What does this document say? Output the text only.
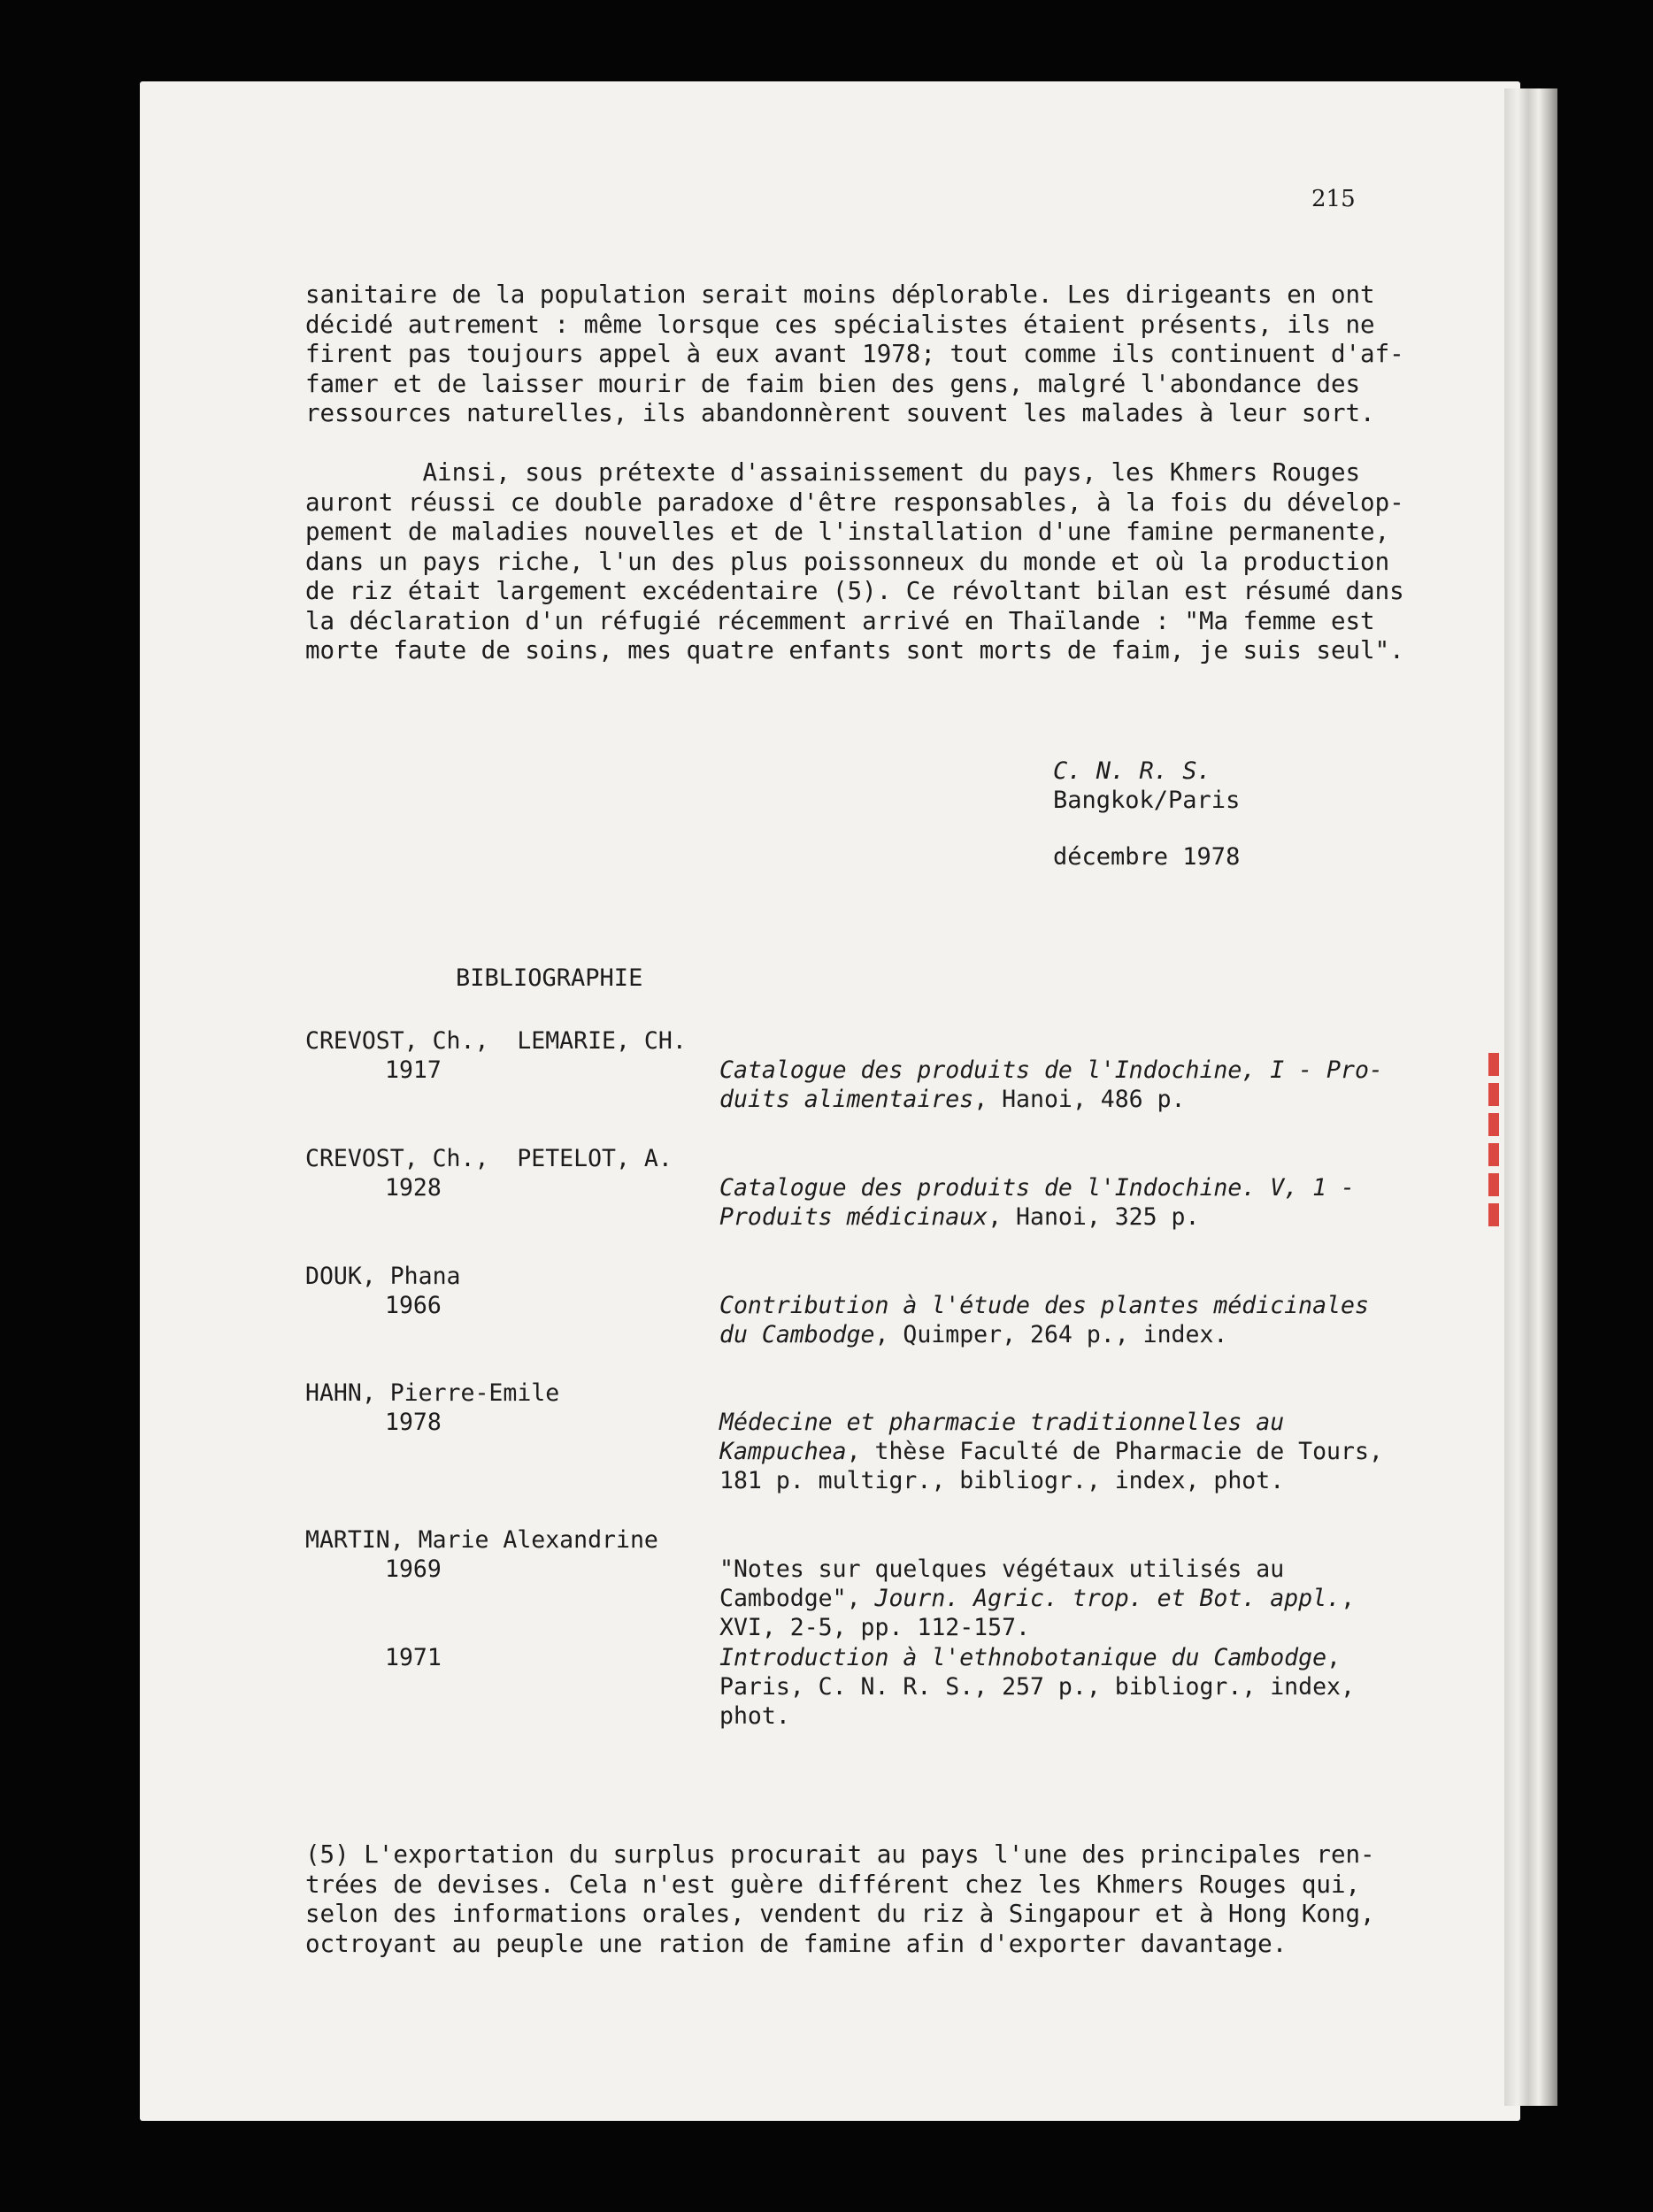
215
sanitaire de la population serait moins déplorable. Les dirigeants en ont
décidé autrement : même lorsque ces spécialistes étaient présents, ils ne
firent pas toujours appel à eux avant 1978; tout comme ils continuent d'af-
famer et de laisser mourir de faim bien des gens, malgré l'abondance des
ressources naturelles, ils abandonnèrent souvent les malades à leur sort.
Ainsi, sous prétexte d'assainissement du pays, les Khmers Rouges
auront réussi ce double paradoxe d'être responsables, à la fois du dévelop-
pement de maladies nouvelles et de l'installation d'une famine permanente,
dans un pays riche, l'un des plus poissonneux du monde et où la production
de riz était largement excédentaire (5). Ce révoltant bilan est résumé dans
la déclaration d'un réfugié récemment arrivé en Thaïlande : "Ma femme est
morte faute de soins, mes quatre enfants sont morts de faim, je suis seul".
C. N. R. S.
Bangkok/Paris
décembre 1978
BIBLIOGRAPHIE
CREVOST, Ch.,  LEMARIE, CH.
1917	Catalogue des produits de l'Indochine, I - Pro-
duits alimentaires, Hanoi, 486 p.
CREVOST, Ch.,  PETELOT, A.
1928	Catalogue des produits de l'Indochine. V, 1 -
Produits médicinaux, Hanoi, 325 p.
DOUK, Phana
1966	Contribution à l'étude des plantes médicinales
du Cambodge, Quimper, 264 p., index.
HAHN, Pierre-Emile
1978	Médecine et pharmacie traditionnelles au
Kampuchea, thèse Faculté de Pharmacie de Tours,
181 p. multigr., bibliogr., index, phot.
MARTIN, Marie Alexandrine
1969	"Notes sur quelques végétaux utilisés au
Cambodge", Journ. Agric. trop. et Bot. appl.,
XVI, 2-5, pp. 112-157.
1971	Introduction à l'ethnobotanique du Cambodge,
Paris, C. N. R. S., 257 p., bibliogr., index,
phot.
(5) L'exportation du surplus procurait au pays l'une des principales ren-
trées de devises. Cela n'est guère différent chez les Khmers Rouges qui,
selon des informations orales, vendent du riz à Singapour et à Hong Kong,
octroyant au peuple une ration de famine afin d'exporter davantage.
